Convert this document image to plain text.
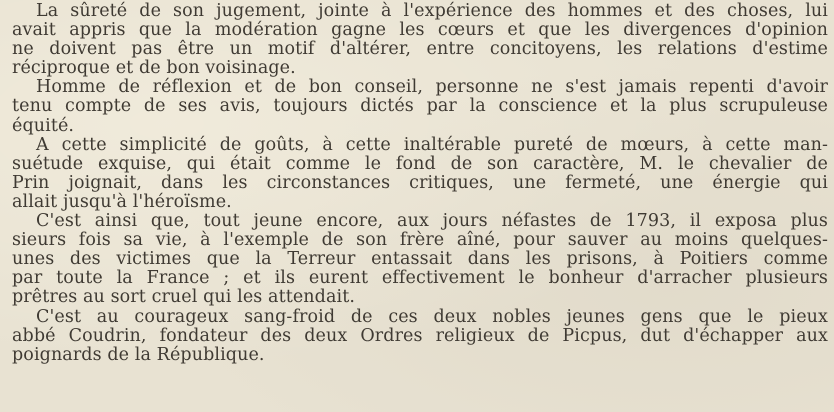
La sûreté de son jugement, jointe à l'expérience des hommes et des choses, lui
avait appris que la modération gagne les cœurs et que les divergences d'opinion
ne doivent pas être un motif d'altérer, entre concitoyens, les relations d'estime
réciproque et de bon voisinage.
Homme de réflexion et de bon conseil, personne ne s'est jamais repenti d'avoir
tenu compte de ses avis, toujours dictés par la conscience et la plus scrupuleuse
équité.
A cette simplicité de goûts, à cette inaltérable pureté de mœurs, à cette man-
suétude exquise, qui était comme le fond de son caractère, M. le chevalier de
Prin joignait, dans les circonstances critiques, une fermeté, une énergie qui
allait jusqu'à l'héroïsme.
C'est ainsi que, tout jeune encore, aux jours néfastes de 1793, il exposa plus
sieurs fois sa vie, à l'exemple de son frère aîné, pour sauver au moins quelques-
unes des victimes que la Terreur entassait dans les prisons, à Poitiers comme
par toute la France ; et ils eurent effectivement le bonheur d'arracher plusieurs
prêtres au sort cruel qui les attendait.
C'est au courageux sang-froid de ces deux nobles jeunes gens que le pieux
abbé Coudrin, fondateur des deux Ordres religieux de Picpus, dut d'échapper aux
poignards de la République.
